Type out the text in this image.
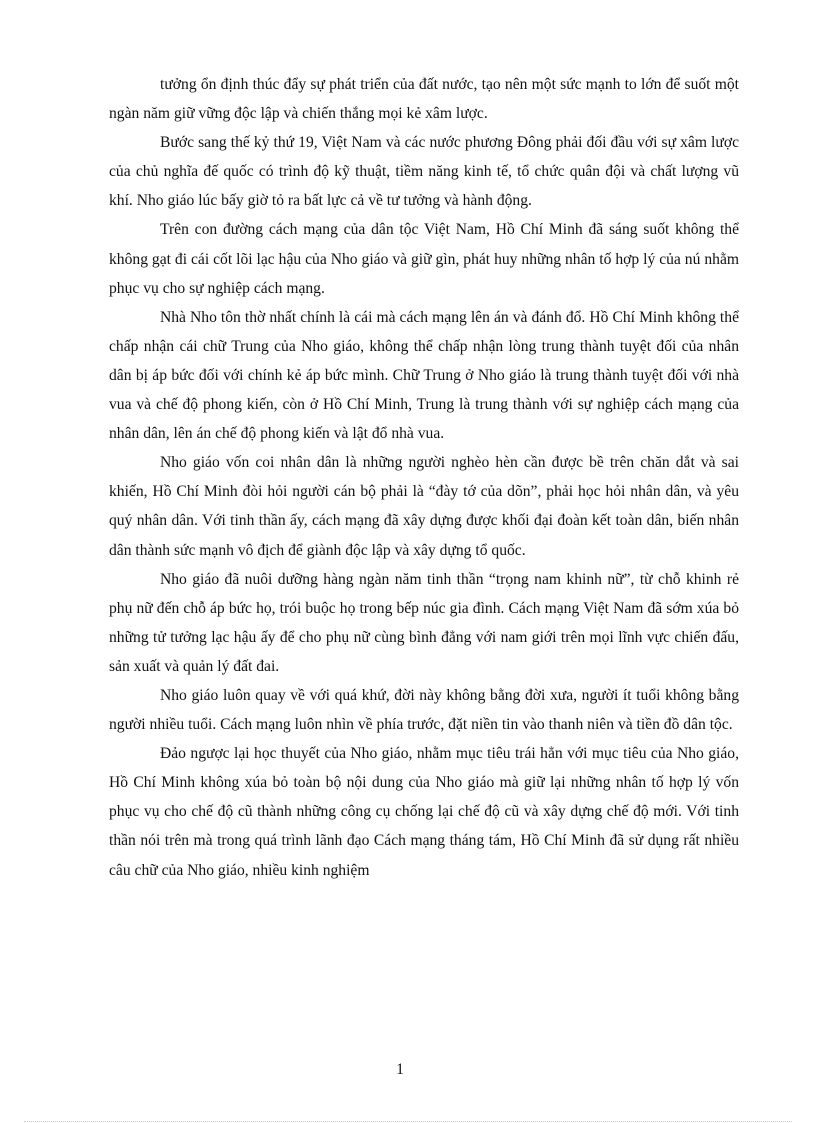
tưởng ổn định thúc đẩy sự phát triển của đất nước, tạo nên một sức mạnh to lớn để suốt một ngàn năm giữ vững độc lập và chiến thắng mọi kẻ xâm lược.

Bước sang thế kỷ thứ 19, Việt Nam và các nước phương Đông phải đối đầu với sự xâm lược của chủ nghĩa đế quốc có trình độ kỹ thuật, tiềm năng kinh tế, tổ chức quân đội và chất lượng vũ khí. Nho giáo lúc bấy giờ tỏ ra bất lực cả về tư tưởng và hành động.

Trên con đường cách mạng của dân tộc Việt Nam, Hồ Chí Minh đã sáng suốt không thể không gạt đi cái cốt lõi lạc hậu của Nho giáo và giữ gìn, phát huy những nhân tố hợp lý của nú nhằm phục vụ cho sự nghiệp cách mạng.

Nhà Nho tôn thờ nhất chính là cái mà cách mạng lên án và đánh đổ. Hồ Chí Minh không thể chấp nhận cái chữ Trung của Nho giáo, không thể chấp nhận lòng trung thành tuyệt đối của nhân dân bị áp bức đối với chính kẻ áp bức mình. Chữ Trung ở Nho giáo là trung thành tuyệt đối với nhà vua và chế độ phong kiến, còn ở Hồ Chí Minh, Trung là trung thành với sự nghiệp cách mạng của nhân dân, lên án chế độ phong kiến và lật đổ nhà vua.

Nho giáo vốn coi nhân dân là những người nghèo hèn cần được bề trên chăn dắt và sai khiến, Hồ Chí Minh đòi hỏi người cán bộ phải là “đày tớ của dõn”, phải học hỏi nhân dân, và yêu quý nhân dân. Với tinh thần ấy, cách mạng đã xây dựng được khối đại đoàn kết toàn dân, biến nhân dân thành sức mạnh vô địch để giành độc lập và xây dựng tổ quốc.

Nho giáo đã nuôi dưỡng hàng ngàn năm tinh thần “trọng nam khinh nữ”, từ chỗ khinh rẻ phụ nữ đến chỗ áp bức họ, trói buộc họ trong bếp núc gia đình. Cách mạng Việt Nam đã sớm xúa bỏ những tử tưởng lạc hậu ấy để cho phụ nữ cùng bình đẳng với nam giới trên mọi lĩnh vực chiến đấu, sản xuất và quản lý đất đai.

Nho giáo luôn quay về với quá khứ, đời này không bằng đời xưa, người ít tuổi không bằng người nhiều tuổi. Cách mạng luôn nhìn về phía trước, đặt niền tin vào thanh niên và tiền đồ dân tộc.

Đảo ngược lại học thuyết của Nho giáo, nhằm mục tiêu trái hẳn với mục tiêu của Nho giáo, Hồ Chí Minh không xúa bỏ toàn bộ nội dung của Nho giáo mà giữ lại những nhân tố hợp lý vốn phục vụ cho chế độ cũ thành những công cụ chống lại chế độ cũ và xây dựng chế độ mới. Với tinh thần nói trên mà trong quá trình lãnh đạo Cách mạng tháng tám, Hồ Chí Minh đã sử dụng rất nhiều câu chữ của Nho giáo, nhiều kinh nghiệm

1
